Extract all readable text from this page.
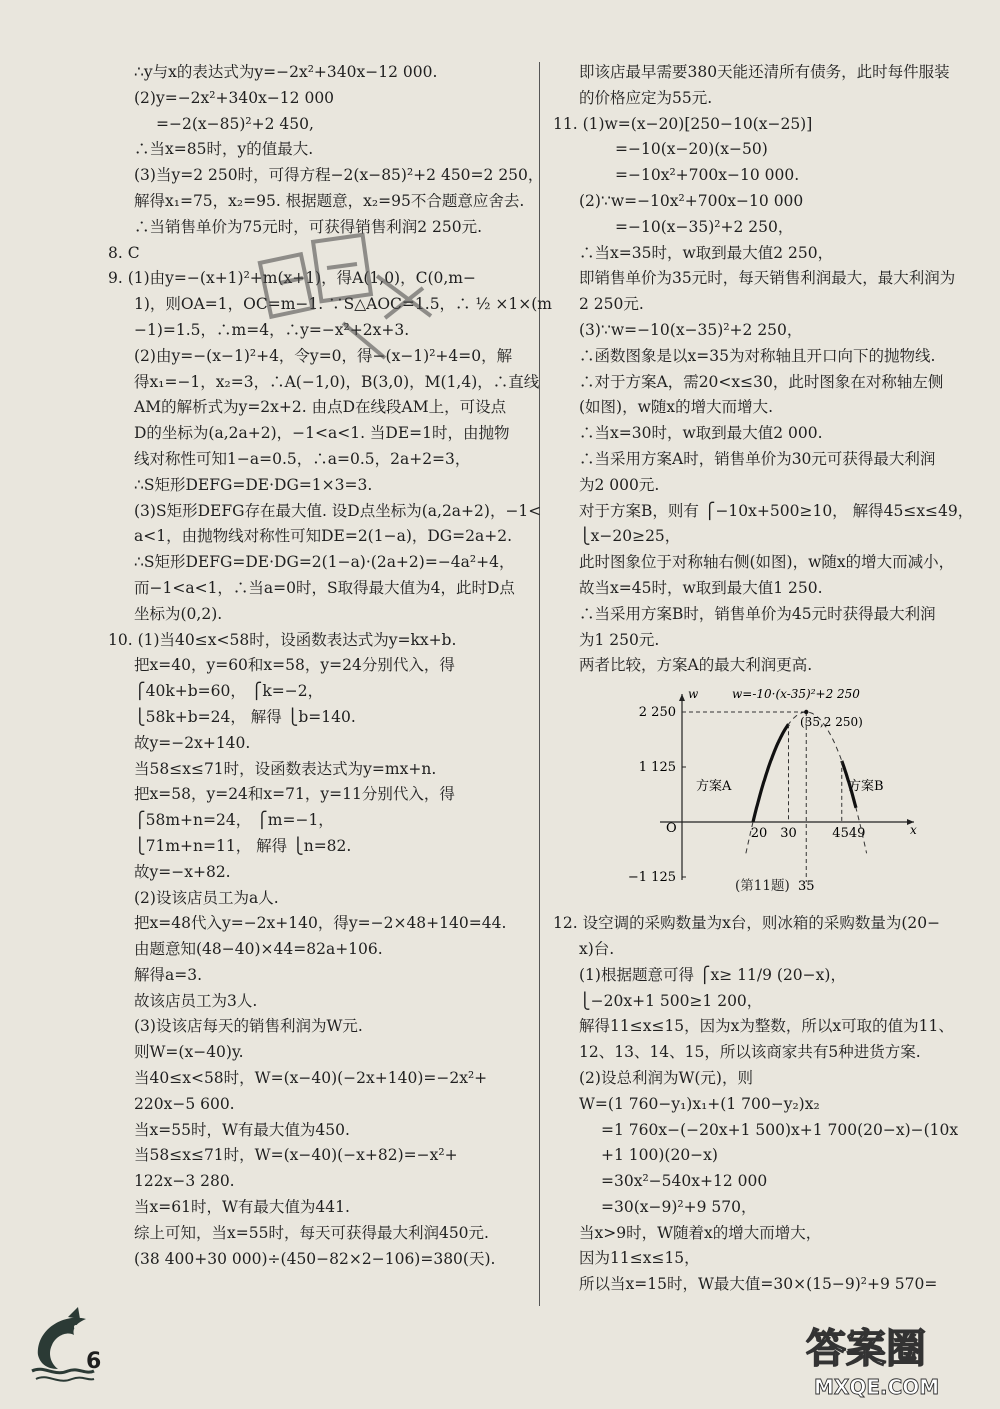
∴y与x的表达式为y=−2x²+340x−12 000.
(2)y=−2x²+340x−12 000
=−2(x−85)²+2 450,
∴当x=85时，y的值最大.
(3)当y=2 250时，可得方程−2(x−85)²+2 450=2 250，
解得x₁=75，x₂=95. 根据题意，x₂=95不合题意应舍去.
∴当销售单价为75元时，可获得销售利润2 250元.
8. C
9. (1)由y=−(x+1)²+m(x+1)，得A(1,0)，C(0,m−
1)，则OA=1，OC=m−1. ∵S△AOC=1.5，∴ ½ ×1×(m
−1)=1.5，∴m=4，∴y=−x²+2x+3.
(2)由y=−(x−1)²+4，令y=0，得−(x−1)²+4=0，解
得x₁=−1，x₂=3，∴A(−1,0)，B(3,0)，M(1,4)，∴直线
AM的解析式为y=2x+2. 由点D在线段AM上，可设点
D的坐标为(a,2a+2)，−1<a<1. 当DE=1时，由抛物
线对称性可知1−a=0.5，∴a=0.5，2a+2=3，
∴S矩形DEFG=DE·DG=1×3=3.
(3)S矩形DEFG存在最大值. 设D点坐标为(a,2a+2)，−1<
a<1，由抛物线对称性可知DE=2(1−a)，DG=2a+2.
∴S矩形DEFG=DE·DG=2(1−a)·(2a+2)=−4a²+4，
而−1<a<1，∴当a=0时，S取得最大值为4，此时D点
坐标为(0,2).
10. (1)当40≤x<58时，设函数表达式为y=kx+b.
把x=40，y=60和x=58，y=24分别代入，得
⎧40k+b=60， ⎧k=−2，
⎩58k+b=24， 解得 ⎩b=140.
故y=−2x+140.
当58≤x≤71时，设函数表达式为y=mx+n.
把x=58，y=24和x=71，y=11分别代入，得
⎧58m+n=24， ⎧m=−1，
⎩71m+n=11， 解得 ⎩n=82.
故y=−x+82.
(2)设该店员工为a人.
把x=48代入y=−2x+140，得y=−2×48+140=44.
由题意知(48−40)×44=82a+106.
解得a=3.
故该店员工为3人.
(3)设该店每天的销售利润为W元.
则W=(x−40)y.
当40≤x<58时，W=(x−40)(−2x+140)=−2x²+
220x−5 600.
当x=55时，W有最大值为450.
当58≤x≤71时，W=(x−40)(−x+82)=−x²+
122x−3 280.
当x=61时，W有最大值为441.
综上可知，当x=55时，每天可获得最大利润450元.
(38 400+30 000)÷(450−82×2−106)=380(天).
即该店最早需要380天能还清所有债务，此时每件服装
的价格应定为55元.
11. (1)w=(x−20)[250−10(x−25)]
=−10(x−20)(x−50)
=−10x²+700x−10 000.
(2)∵w=−10x²+700x−10 000
=−10(x−35)²+2 250，
∴当x=35时，w取到最大值2 250，
即销售单价为35元时，每天销售利润最大，最大利润为
2 250元.
(3)∵w=−10(x−35)²+2 250，
∴函数图象是以x=35为对称轴且开口向下的抛物线.
∴对于方案A，需20<x≤30，此时图象在对称轴左侧
(如图)，w随x的增大而增大.
∴当x=30时，w取到最大值2 000.
∴当采用方案A时，销售单价为30元可获得最大利润
为2 000元.
对于方案B，则有 ⎧−10x+500≥10， 解得45≤x≤49，
⎩x−20≥25，
此时图象位于对称轴右侧(如图)，w随x的增大而减小，
故当x=45时，w取到最大值1 250.
∴当采用方案B时，销售单价为45元时获得最大利润
为1 250元.
两者比较，方案A的最大利润更高.
12. 设空调的采购数量为x台，则冰箱的采购数量为(20−
x)台.
(1)根据题意可得 ⎧x≥ 11/9 (20−x)，
⎩−20x+1 500≥1 200，
解得11≤x≤15，因为x为整数，所以x可取的值为11、
12、13、14、15，所以该商家共有5种进货方案.
(2)设总利润为W(元)，则
W=(1 760−y₁)x₁+(1 700−y₂)x₂
=1 760x−(−20x+1 500)x+1 700(20−x)−(10x
+1 100)(20−x)
=30x²−540x+12 000
=30(x−9)²+9 570，
当x>9时，W随着x的增大而增大，
因为11≤x≤15，
所以当x=15时，W最大值=30×(15−9)²+9 570=
w
x
O
w=-10·(x-35)²+2 250
(35,2 250)
2 250
1 125
−1 125
20 30	4549
35
方案A	方案B
(第11题)
6	答案圈
MXQE.COM
